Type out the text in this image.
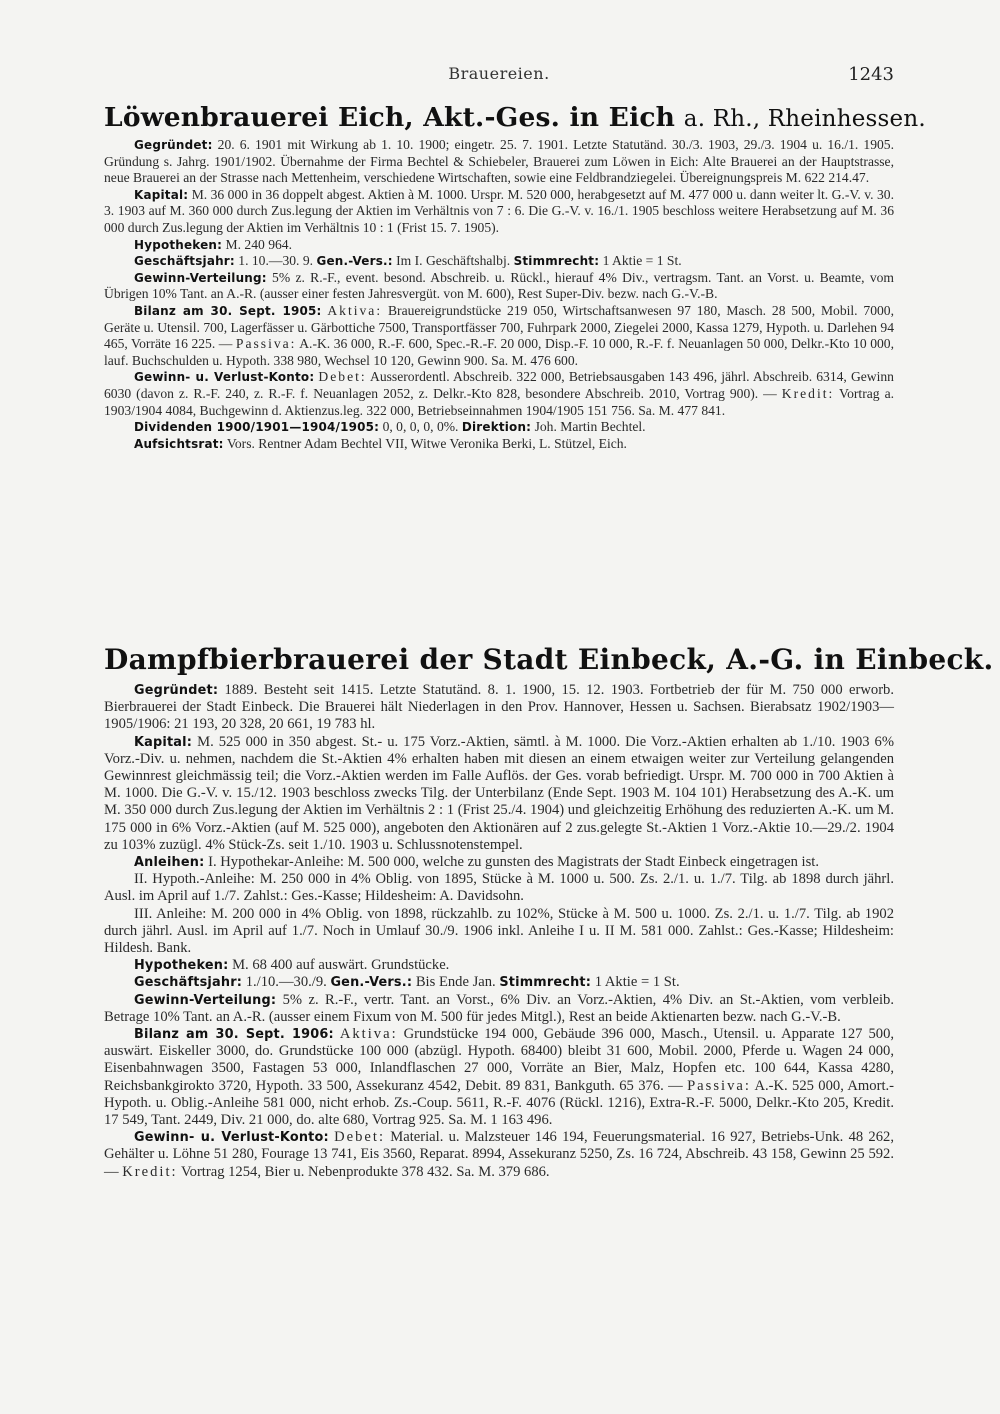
Brauereien.	1243
Löwenbrauerei Eich, Akt.-Ges. in Eich a. Rh., Rheinhessen.

Gegründet: 20. 6. 1901 mit Wirkung ab 1. 10. 1900; eingetr. 25. 7. 1901. Letzte Statutänd. 30./3. 1903, 29./3. 1904 u. 16./1. 1905. Gründung s. Jahrg. 1901/1902. Übernahme der Firma Bechtel & Schiebeler, Brauerei zum Löwen in Eich: Alte Brauerei an der Hauptstrasse, neue Brauerei an der Strasse nach Mettenheim, verschiedene Wirtschaften, sowie eine Feldbrandziegelei. Übereignungspreis M. 622 214.47.

Kapital: M. 36 000 in 36 doppelt abgest. Aktien à M. 1000. Urspr. M. 520 000, herabgesetzt auf M. 477 000 u. dann weiter lt. G.-V. v. 30. 3. 1903 auf M. 360 000 durch Zus.legung der Aktien im Verhältnis von 7 : 6. Die G.-V. v. 16./1. 1905 beschloss weitere Herabsetzung auf M. 36 000 durch Zus.legung der Aktien im Verhältnis 10 : 1 (Frist 15. 7. 1905).

Hypotheken: M. 240 964.

Geschäftsjahr: 1. 10.—30. 9. Gen.-Vers.: Im I. Geschäftshalbj. Stimmrecht: 1 Aktie = 1 St.

Gewinn-Verteilung: 5% z. R.-F., event. besond. Abschreib. u. Rückl., hierauf 4% Div., vertragsm. Tant. an Vorst. u. Beamte, vom Übrigen 10% Tant. an A.-R. (ausser einer festen Jahresvergüt. von M. 600), Rest Super-Div. bezw. nach G.-V.-B.

Bilanz am 30. Sept. 1905: Aktiva: Brauereigrundstücke 219 050, Wirtschaftsanwesen 97 180, Masch. 28 500, Mobil. 7000, Geräte u. Utensil. 700, Lagerfässer u. Gärbottiche 7500, Transportfässer 700, Fuhrpark 2000, Ziegelei 2000, Kassa 1279, Hypoth. u. Darlehen 94 465, Vorräte 16 225. — Passiva: A.-K. 36 000, R.-F. 600, Spec.-R.-F. 20 000, Disp.-F. 10 000, R.-F. f. Neuanlagen 50 000, Delkr.-Kto 10 000, lauf. Buchschulden u. Hypoth. 338 980, Wechsel 10 120, Gewinn 900. Sa. M. 476 600.

Gewinn- u. Verlust-Konto: Debet: Ausserordentl. Abschreib. 322 000, Betriebsausgaben 143 496, jährl. Abschreib. 6314, Gewinn 6030 (davon z. R.-F. 240, z. R.-F. f. Neuanlagen 2052, z. Delkr.-Kto 828, besondere Abschreib. 2010, Vortrag 900). — Kredit: Vortrag a. 1903/1904 4084, Buchgewinn d. Aktienzus.leg. 322 000, Betriebseinnahmen 1904/1905 151 756. Sa. M. 477 841.

Dividenden 1900/1901—1904/1905: 0, 0, 0, 0, 0%. Direktion: Joh. Martin Bechtel.

Aufsichtsrat: Vors. Rentner Adam Bechtel VII, Witwe Veronika Berki, L. Stützel, Eich.

Dampfbierbrauerei der Stadt Einbeck, A.-G. in Einbeck.

Gegründet: 1889. Besteht seit 1415. Letzte Statutänd. 8. 1. 1900, 15. 12. 1903. Fortbetrieb der für M. 750 000 erworb. Bierbrauerei der Stadt Einbeck. Die Brauerei hält Niederlagen in den Prov. Hannover, Hessen u. Sachsen. Bierabsatz 1902/1903—1905/1906: 21 193, 20 328, 20 661, 19 783 hl.

Kapital: M. 525 000 in 350 abgest. St.- u. 175 Vorz.-Aktien, sämtl. à M. 1000. Die Vorz.-Aktien erhalten ab 1./10. 1903 6% Vorz.-Div. u. nehmen, nachdem die St.-Aktien 4% erhalten haben mit diesen an einem etwaigen weiter zur Verteilung gelangenden Gewinnrest gleichmässig teil; die Vorz.-Aktien werden im Falle Auflös. der Ges. vorab befriedigt. Urspr. M. 700 000 in 700 Aktien à M. 1000. Die G.-V. v. 15./12. 1903 beschloss zwecks Tilg. der Unterbilanz (Ende Sept. 1903 M. 104 101) Herabsetzung des A.-K. um M. 350 000 durch Zus.legung der Aktien im Verhältnis 2 : 1 (Frist 25./4. 1904) und gleichzeitig Erhöhung des reduzierten A.-K. um M. 175 000 in 6% Vorz.-Aktien (auf M. 525 000), angeboten den Aktionären auf 2 zus.gelegte St.-Aktien 1 Vorz.-Aktie 10.—29./2. 1904 zu 103% zuzügl. 4% Stück-Zs. seit 1./10. 1903 u. Schlussnotenstempel.

Anleihen: I. Hypothekar-Anleihe: M. 500 000, welche zu gunsten des Magistrats der Stadt Einbeck eingetragen ist.

II. Hypoth.-Anleihe: M. 250 000 in 4% Oblig. von 1895, Stücke à M. 1000 u. 500. Zs. 2./1. u. 1./7. Tilg. ab 1898 durch jährl. Ausl. im April auf 1./7. Zahlst.: Ges.-Kasse; Hildesheim: A. Davidsohn.

III. Anleihe: M. 200 000 in 4% Oblig. von 1898, rückzahlb. zu 102%, Stücke à M. 500 u. 1000. Zs. 2./1. u. 1./7. Tilg. ab 1902 durch jährl. Ausl. im April auf 1./7. Noch in Umlauf 30./9. 1906 inkl. Anleihe I u. II M. 581 000. Zahlst.: Ges.-Kasse; Hildesheim: Hildesh. Bank.

Hypotheken: M. 68 400 auf auswärt. Grundstücke.

Geschäftsjahr: 1./10.—30./9. Gen.-Vers.: Bis Ende Jan. Stimmrecht: 1 Aktie = 1 St.

Gewinn-Verteilung: 5% z. R.-F., vertr. Tant. an Vorst., 6% Div. an Vorz.-Aktien, 4% Div. an St.-Aktien, vom verbleib. Betrage 10% Tant. an A.-R. (ausser einem Fixum von M. 500 für jedes Mitgl.), Rest an beide Aktienarten bezw. nach G.-V.-B.

Bilanz am 30. Sept. 1906: Aktiva: Grundstücke 194 000, Gebäude 396 000, Masch., Utensil. u. Apparate 127 500, auswärt. Eiskeller 3000, do. Grundstücke 100 000 (abzügl. Hypoth. 68400) bleibt 31 600, Mobil. 2000, Pferde u. Wagen 24 000, Eisenbahnwagen 3500, Fastagen 53 000, Inlandflaschen 27 000, Vorräte an Bier, Malz, Hopfen etc. 100 644, Kassa 4280, Reichsbankgirokto 3720, Hypoth. 33 500, Assekuranz 4542, Debit. 89 831, Bankguth. 65 376. — Passiva: A.-K. 525 000, Amort.-Hypoth. u. Oblig.-Anleihe 581 000, nicht erhob. Zs.-Coup. 5611, R.-F. 4076 (Rückl. 1216), Extra-R.-F. 5000, Delkr.-Kto 205, Kredit. 17 549, Tant. 2449, Div. 21 000, do. alte 680, Vortrag 925. Sa. M. 1 163 496.

Gewinn- u. Verlust-Konto: Debet: Material. u. Malzsteuer 146 194, Feuerungsmaterial. 16 927, Betriebs-Unk. 48 262, Gehälter u. Löhne 51 280, Fourage 13 741, Eis 3560, Reparat. 8994, Assekuranz 5250, Zs. 16 724, Abschreib. 43 158, Gewinn 25 592. — Kredit: Vortrag 1254, Bier u. Nebenprodukte 378 432. Sa. M. 379 686.
